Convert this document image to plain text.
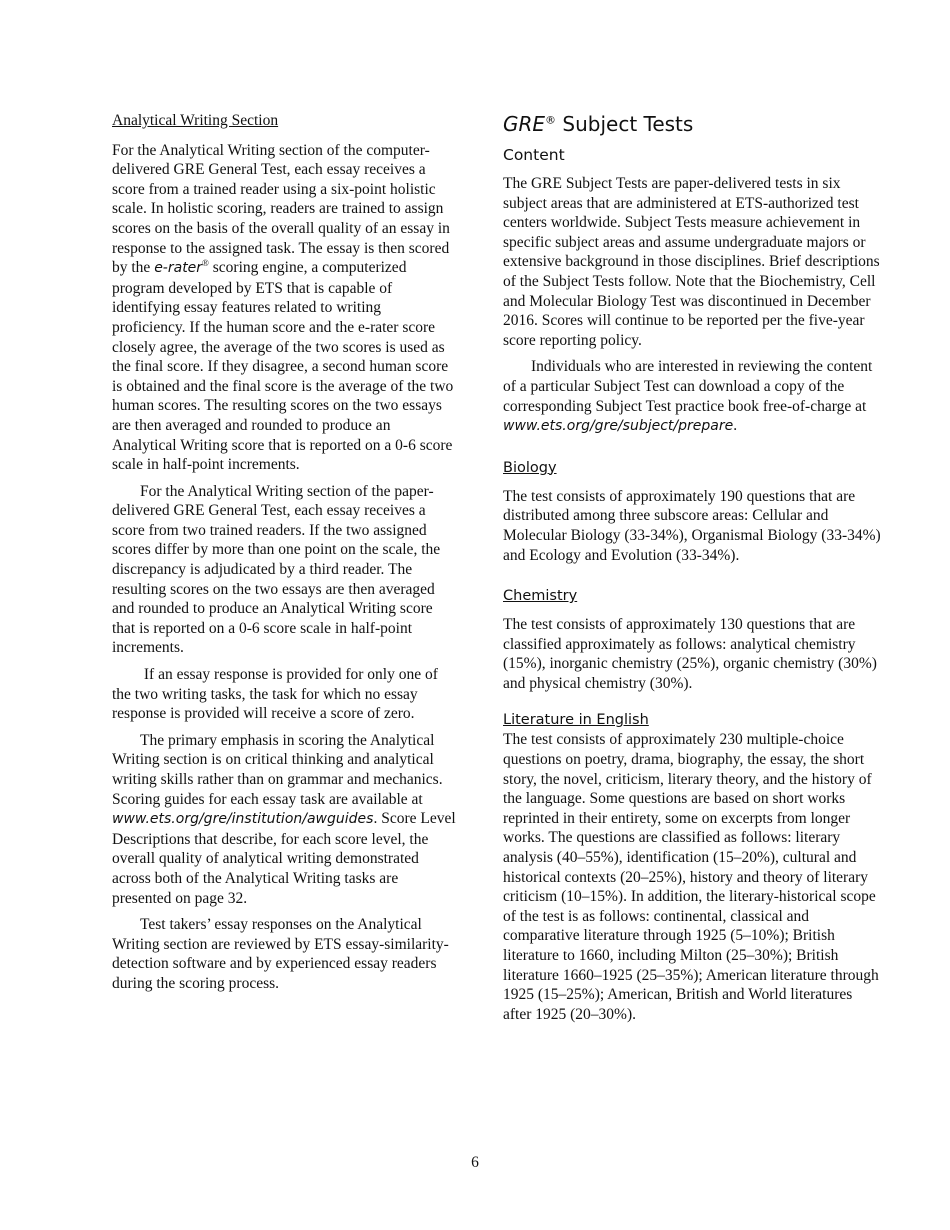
Analytical Writing Section

For the Analytical Writing section of the computer-delivered GRE General Test, each essay receives a score from a trained reader using a six-point holistic scale. In holistic scoring, readers are trained to assign scores on the basis of the overall quality of an essay in response to the assigned task. The essay is then scored by the e-rater® scoring engine, a computerized program developed by ETS that is capable of identifying essay features related to writing proficiency. If the human score and the e-rater score closely agree, the average of the two scores is used as the final score. If they disagree, a second human score is obtained and the final score is the average of the two human scores. The resulting scores on the two essays are then averaged and rounded to produce an Analytical Writing score that is reported on a 0-6 score scale in half-point increments.

For the Analytical Writing section of the paper-delivered GRE General Test, each essay receives a score from two trained readers. If the two assigned scores differ by more than one point on the scale, the discrepancy is adjudicated by a third reader. The resulting scores on the two essays are then averaged and rounded to produce an Analytical Writing score that is reported on a 0-6 score scale in half-point increments.

If an essay response is provided for only one of the two writing tasks, the task for which no essay response is provided will receive a score of zero.

The primary emphasis in scoring the Analytical Writing section is on critical thinking and analytical writing skills rather than on grammar and mechanics. Scoring guides for each essay task are available at www.ets.org/gre/institution/awguides. Score Level Descriptions that describe, for each score level, the overall quality of analytical writing demonstrated across both of the Analytical Writing tasks are presented on page 32.

Test takers’ essay responses on the Analytical Writing section are reviewed by ETS essay-similarity-detection software and by experienced essay readers during the scoring process.

GRE® Subject Tests
Content

The GRE Subject Tests are paper-delivered tests in six subject areas that are administered at ETS-authorized test centers worldwide. Subject Tests measure achievement in specific subject areas and assume undergraduate majors or extensive background in those disciplines. Brief descriptions of the Subject Tests follow. Note that the Biochemistry, Cell and Molecular Biology Test was discontinued in December 2016. Scores will continue to be reported per the five-year score reporting policy.

Individuals who are interested in reviewing the content of a particular Subject Test can download a copy of the corresponding Subject Test practice book free-of-charge at www.ets.org/gre/subject/prepare.

Biology

The test consists of approximately 190 questions that are distributed among three subscore areas: Cellular and Molecular Biology (33-34%), Organismal Biology (33-34%) and Ecology and Evolution (33-34%).

Chemistry

The test consists of approximately 130 questions that are classified approximately as follows: analytical chemistry (15%), inorganic chemistry (25%), organic chemistry (30%) and physical chemistry (30%).

Literature in English

The test consists of approximately 230 multiple-choice questions on poetry, drama, biography, the essay, the short story, the novel, criticism, literary theory, and the history of the language. Some questions are based on short works reprinted in their entirety, some on excerpts from longer works. The questions are classified as follows: literary analysis (40–55%), identification (15–20%), cultural and historical contexts (20–25%), history and theory of literary criticism (10–15%). In addition, the literary-historical scope of the test is as follows: continental, classical and comparative literature through 1925 (5–10%); British literature to 1660, including Milton (25–30%); British literature 1660–1925 (25–35%); American literature through 1925 (15–25%); American, British and World literatures after 1925 (20–30%).

6
